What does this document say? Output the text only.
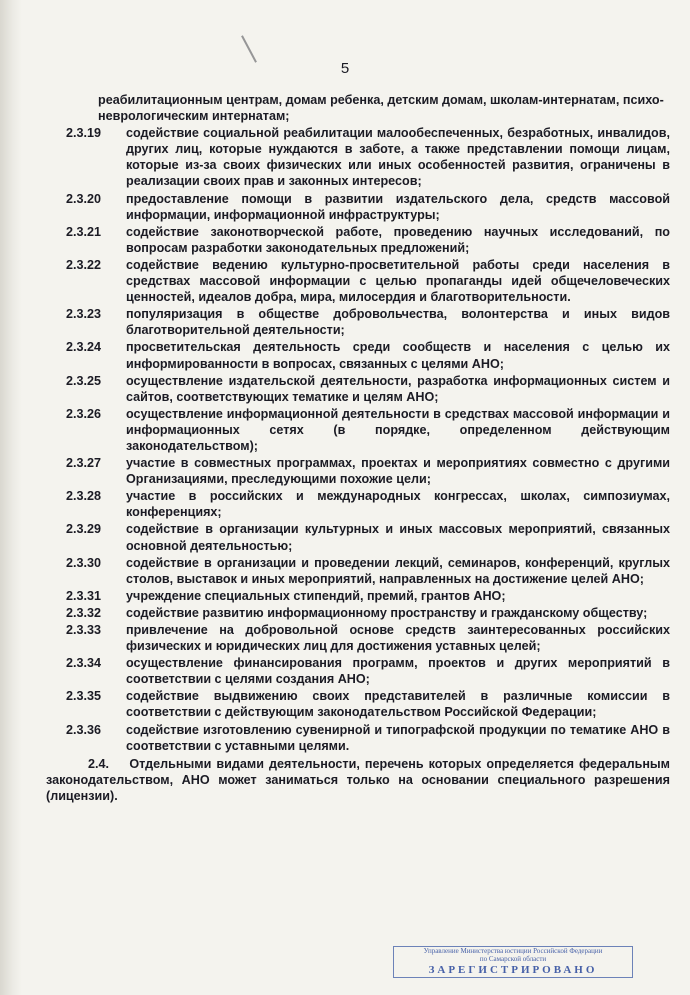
5
реабилитационным центрам, домам ребенка, детским домам, школам-интернатам, психо-неврологическим интернатам;
2.3.19	содействие социальной реабилитации малообеспеченных, безработных, инвалидов, других лиц, которые нуждаются в заботе, а также представлении помощи лицам, которые из-за своих физических или иных особенностей развития, ограничены в реализации своих прав и законных интересов;
2.3.20	предоставление помощи в развитии издательского дела, средств массовой информации, информационной инфраструктуры;
2.3.21	содействие законотворческой работе, проведению научных исследований, по вопросам разработки законодательных предложений;
2.3.22	содействие ведению культурно-просветительной работы среди населения в средствах массовой информации с целью пропаганды идей общечеловеческих ценностей, идеалов добра, мира, милосердия и благотворительности.
2.3.23	популяризация в обществе добровольчества, волонтерства и иных видов благотворительной деятельности;
2.3.24	просветительская деятельность среди сообществ и населения с целью их информированности в вопросах, связанных с целями АНО;
2.3.25	осуществление издательской деятельности, разработка информационных систем и сайтов, соответствующих тематике и целям АНО;
2.3.26	осуществление информационной деятельности в средствах массовой информации и информационных сетях (в порядке, определенном действующим законодательством);
2.3.27	участие в совместных программах, проектах и мероприятиях совместно с другими Организациями, преследующими похожие цели;
2.3.28	участие в российских и международных конгрессах, школах, симпозиумах, конференциях;
2.3.29	содействие в организации культурных и иных массовых мероприятий, связанных основной деятельностью;
2.3.30	содействие в организации и проведении лекций, семинаров, конференций, круглых столов, выставок и иных мероприятий, направленных на достижение целей АНО;
2.3.31	учреждение специальных стипендий, премий, грантов АНО;
2.3.32	содействие развитию информационному пространству и гражданскому обществу;
2.3.33	привлечение на добровольной основе средств заинтересованных российских физических и юридических лиц для достижения уставных целей;
2.3.34	осуществление финансирования программ, проектов и других мероприятий в соответствии с целями создания АНО;
2.3.35	содействие выдвижению своих представителей в различные комиссии в соответствии с действующим законодательством Российской Федерации;
2.3.36	содействие изготовлению сувенирной и типографской продукции по тематике АНО в соответствии с уставными целями.
2.4. Отдельными видами деятельности, перечень которых определяется федеральным законодательством, АНО может заниматься только на основании специального разрешения (лицензии).
Управление Министерства юстиции Российской Федерации
по Самарской области
ЗАРЕГИСТРИРОВАНО
